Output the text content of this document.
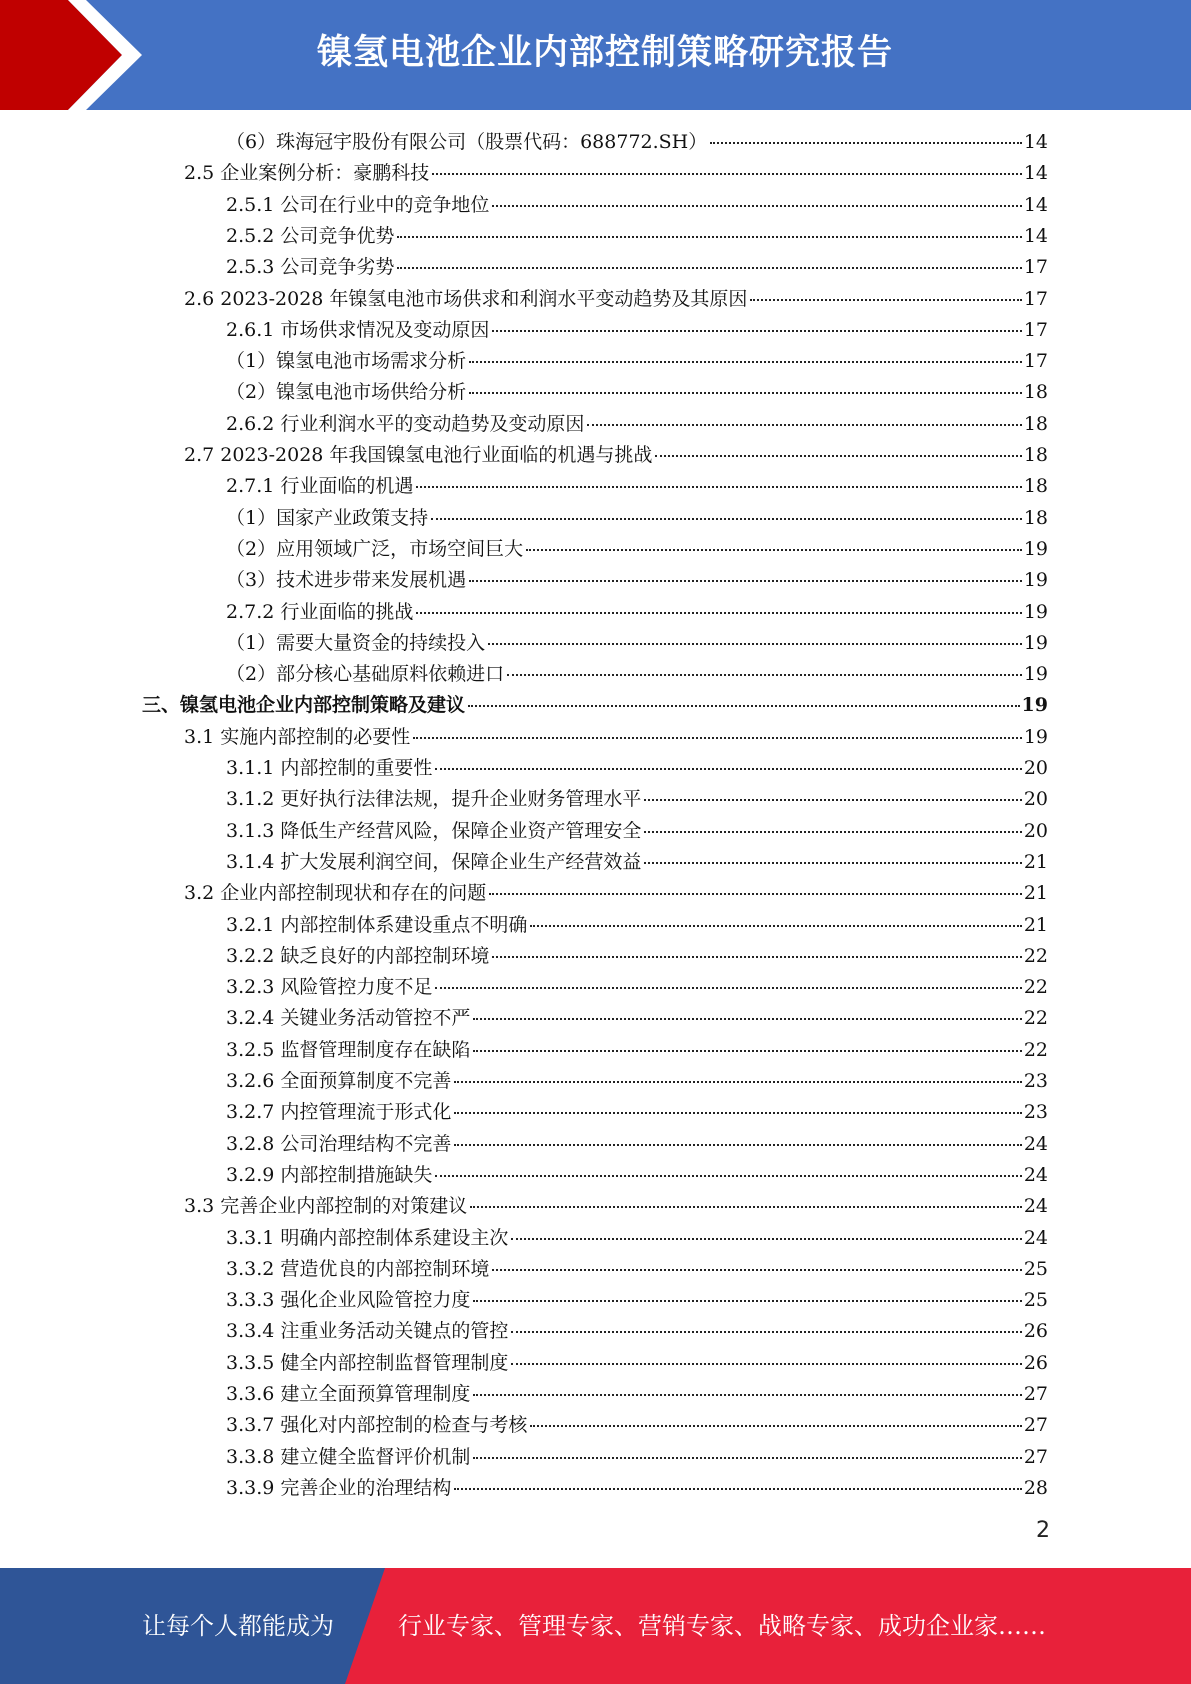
镍氢电池企业内部控制策略研究报告
（6）珠海冠宇股份有限公司（股票代码：688772.SH）	14
2.5 企业案例分析：豪鹏科技	14
2.5.1 公司在行业中的竞争地位	14
2.5.2 公司竞争优势	14
2.5.3 公司竞争劣势	17
2.6 2023-2028 年镍氢电池市场供求和利润水平变动趋势及其原因	17
2.6.1 市场供求情况及变动原因	17
（1）镍氢电池市场需求分析	17
（2）镍氢电池市场供给分析	18
2.6.2 行业利润水平的变动趋势及变动原因	18
2.7 2023-2028 年我国镍氢电池行业面临的机遇与挑战	18
2.7.1 行业面临的机遇	18
（1）国家产业政策支持	18
（2）应用领域广泛，市场空间巨大	19
（3）技术进步带来发展机遇	19
2.7.2 行业面临的挑战	19
（1）需要大量资金的持续投入	19
（2）部分核心基础原料依赖进口	19
三、镍氢电池企业内部控制策略及建议	19
3.1 实施内部控制的必要性	19
3.1.1 内部控制的重要性	20
3.1.2 更好执行法律法规，提升企业财务管理水平	20
3.1.3 降低生产经营风险，保障企业资产管理安全	20
3.1.4 扩大发展利润空间，保障企业生产经营效益	21
3.2 企业内部控制现状和存在的问题	21
3.2.1 内部控制体系建设重点不明确	21
3.2.2 缺乏良好的内部控制环境	22
3.2.3 风险管控力度不足	22
3.2.4 关键业务活动管控不严	22
3.2.5 监督管理制度存在缺陷	22
3.2.6 全面预算制度不完善	23
3.2.7 内控管理流于形式化	23
3.2.8 公司治理结构不完善	24
3.2.9 内部控制措施缺失	24
3.3 完善企业内部控制的对策建议	24
3.3.1 明确内部控制体系建设主次	24
3.3.2 营造优良的内部控制环境	25
3.3.3 强化企业风险管控力度	25
3.3.4 注重业务活动关键点的管控	26
3.3.5 健全内部控制监督管理制度	26
3.3.6 建立全面预算管理制度	27
3.3.7 强化对内部控制的检查与考核	27
3.3.8 建立健全监督评价机制	27
3.3.9 完善企业的治理结构	28
2
让每个人都能成为	行业专家、管理专家、营销专家、战略专家、成功企业家……
